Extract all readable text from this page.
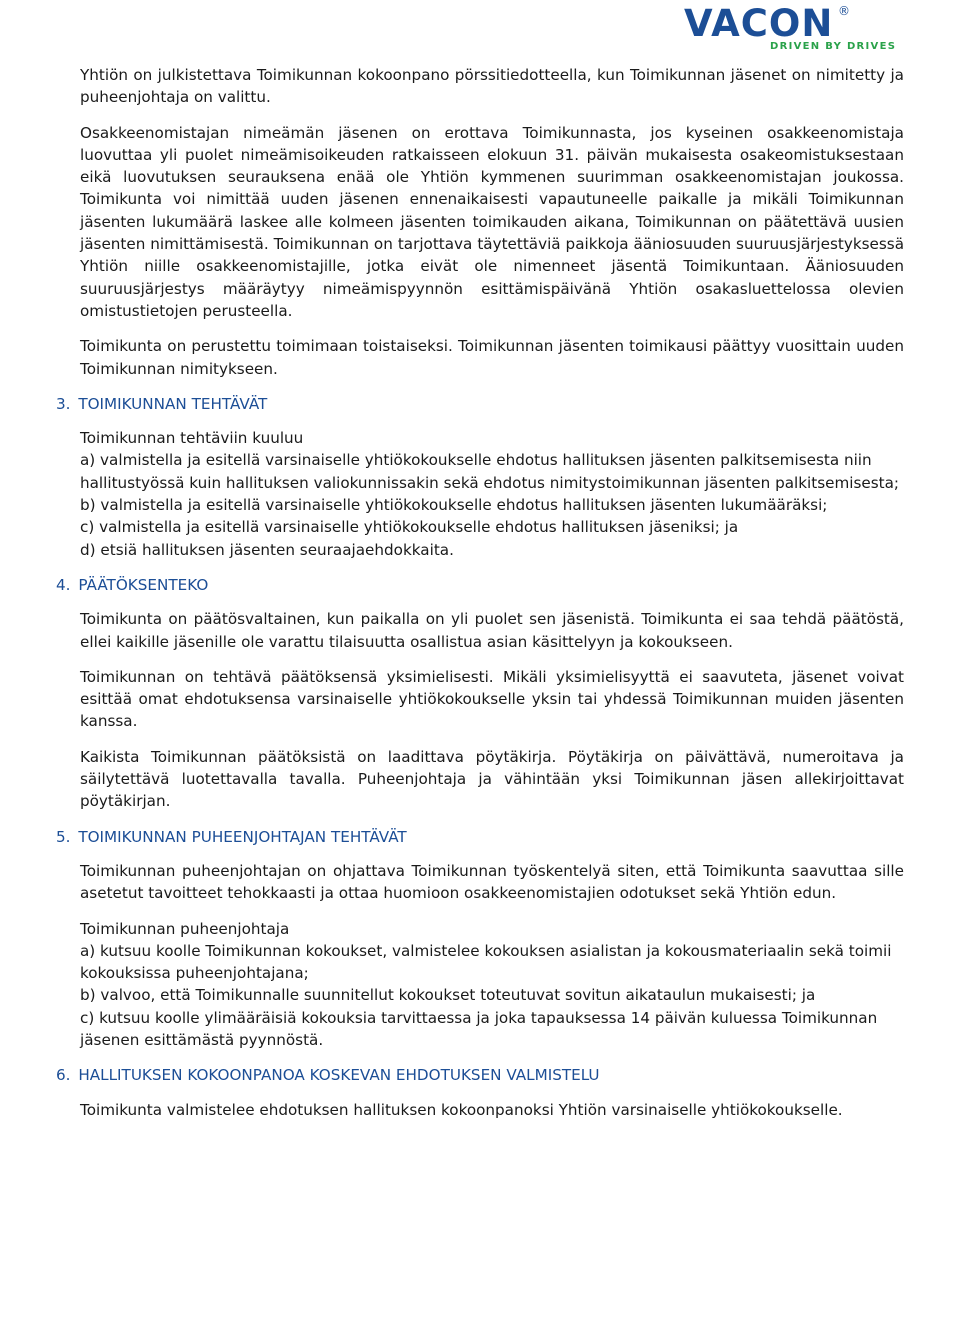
VACON ®
DRIVEN BY DRIVES

Yhtiön on julkistettava Toimikunnan kokoonpano pörssitiedotteella, kun Toimikunnan jäsenet on nimitetty ja puheenjohtaja on valittu.

Osakkeenomistajan nimeämän jäsenen on erottava Toimikunnasta, jos kyseinen osakkeenomistaja luovuttaa yli puolet nimeämisoikeuden ratkaisseen elokuun 31. päivän mukaisesta osakeomistuksestaan eikä luovutuksen seurauksena enää ole Yhtiön kymmenen suurimman osakkeenomistajan joukossa. Toimikunta voi nimittää uuden jäsenen ennenaikaisesti vapautuneelle paikalle ja mikäli Toimikunnan jäsenten lukumäärä laskee alle kolmeen jäsenten toimikauden aikana, Toimikunnan on päätettävä uusien jäsenten nimittämisestä. Toimikunnan on tarjottava täytettäviä paikkoja ääniosuuden suuruusjärjestyksessä Yhtiön niille osakkeenomistajille, jotka eivät ole nimenneet jäsentä Toimikuntaan. Ääniosuuden suuruusjärjestys määräytyy nimeämispyynnön esittämispäivänä Yhtiön osakasluettelossa olevien omistustietojen perusteella.

Toimikunta on perustettu toimimaan toistaiseksi. Toimikunnan jäsenten toimikausi päättyy vuosittain uuden Toimikunnan nimitykseen.

3. TOIMIKUNNAN TEHTÄVÄT

Toimikunnan tehtäviin kuuluu

a) valmistella ja esitellä varsinaiselle yhtiökokoukselle ehdotus hallituksen jäsenten palkitsemisesta niin hallitustyössä kuin hallituksen valiokunnissakin sekä ehdotus nimitystoimikunnan jäsenten palkitsemisesta;

b) valmistella ja esitellä varsinaiselle yhtiökokoukselle ehdotus hallituksen jäsenten lukumääräksi;

c) valmistella ja esitellä varsinaiselle yhtiökokoukselle ehdotus hallituksen jäseniksi; ja

d) etsiä hallituksen jäsenten seuraajaehdokkaita.

4. PÄÄTÖKSENTEKO

Toimikunta on päätösvaltainen, kun paikalla on yli puolet sen jäsenistä. Toimikunta ei saa tehdä päätöstä, ellei kaikille jäsenille ole varattu tilaisuutta osallistua asian käsittelyyn ja kokoukseen.

Toimikunnan on tehtävä päätöksensä yksimielisesti. Mikäli yksimielisyyttä ei saavuteta, jäsenet voivat esittää omat ehdotuksensa varsinaiselle yhtiökokoukselle yksin tai yhdessä Toimikunnan muiden jäsenten kanssa.

Kaikista Toimikunnan päätöksistä on laadittava pöytäkirja. Pöytäkirja on päivättävä, numeroitava ja säilytettävä luotettavalla tavalla. Puheenjohtaja ja vähintään yksi Toimikunnan jäsen allekirjoittavat pöytäkirjan.

5. TOIMIKUNNAN PUHEENJOHTAJAN TEHTÄVÄT

Toimikunnan puheenjohtajan on ohjattava Toimikunnan työskentelyä siten, että Toimikunta saavuttaa sille asetetut tavoitteet tehokkaasti ja ottaa huomioon osakkeenomistajien odotukset sekä Yhtiön edun.

Toimikunnan puheenjohtaja

a) kutsuu koolle Toimikunnan kokoukset, valmistelee kokouksen asialistan ja kokousmateriaalin sekä toimii kokouksissa puheenjohtajana;

b) valvoo, että Toimikunnalle suunnitellut kokoukset toteutuvat sovitun aikataulun mukaisesti; ja

c) kutsuu koolle ylimääräisiä kokouksia tarvittaessa ja joka tapauksessa 14 päivän kuluessa Toimikunnan jäsenen esittämästä pyynnöstä.

6. HALLITUKSEN KOKOONPANOA KOSKEVAN EHDOTUKSEN VALMISTELU

Toimikunta valmistelee ehdotuksen hallituksen kokoonpanoksi Yhtiön varsinaiselle yhtiökokoukselle.
